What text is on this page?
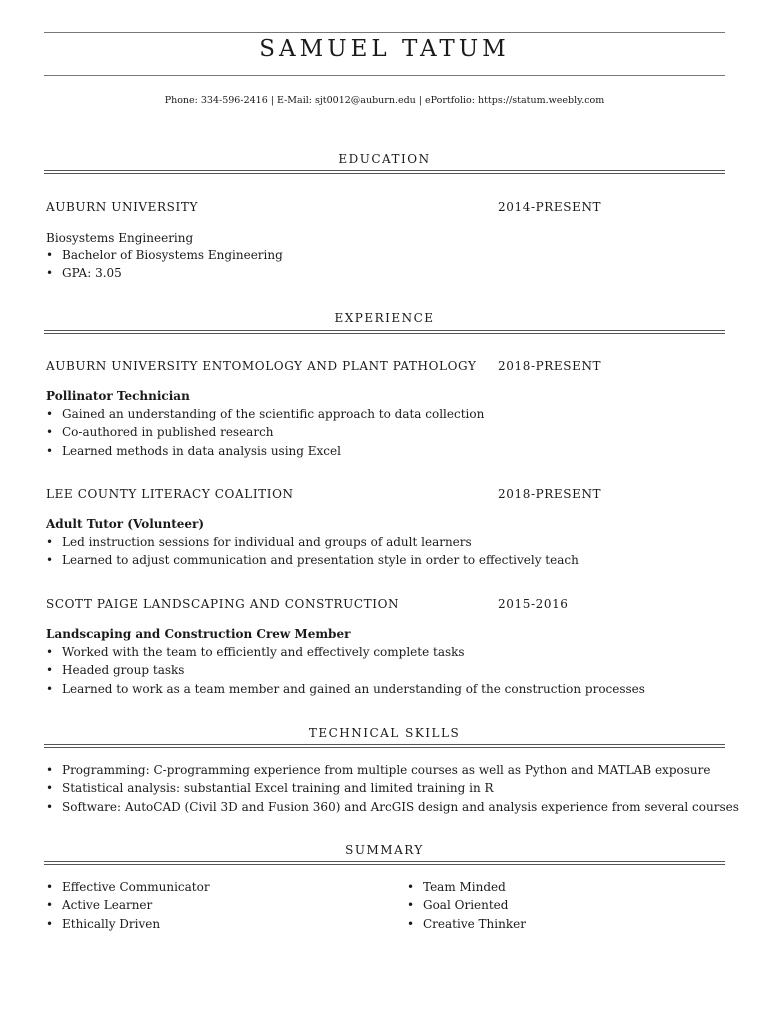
SAMUEL TATUM
Phone: 334-596-2416 | E-Mail: sjt0012@auburn.edu | ePortfolio: https://statum.weebly.com
EDUCATION
AUBURN UNIVERSITY	2014-PRESENT
Biosystems Engineering
• Bachelor of Biosystems Engineering
• GPA: 3.05
EXPERIENCE
AUBURN UNIVERSITY ENTOMOLOGY AND PLANT PATHOLOGY 2018-PRESENT
Pollinator Technician
• Gained an understanding of the scientific approach to data collection
• Co-authored in published research
• Learned methods in data analysis using Excel
LEE COUNTY LITERACY COALITION	2018-PRESENT
Adult Tutor (Volunteer)
• Led instruction sessions for individual and groups of adult learners
• Learned to adjust communication and presentation style in order to effectively teach
SCOTT PAIGE LANDSCAPING AND CONSTRUCTION	2015-2016
Landscaping and Construction Crew Member
• Worked with the team to efficiently and effectively complete tasks
• Headed group tasks
• Learned to work as a team member and gained an understanding of the construction processes
TECHNICAL SKILLS
• Programming: C-programming experience from multiple courses as well as Python and MATLAB exposure
• Statistical analysis: substantial Excel training and limited training in R
• Software: AutoCAD (Civil 3D and Fusion 360) and ArcGIS design and analysis experience from several courses
SUMMARY
• Effective Communicator
• Active Learner
• Ethically Driven
• Team Minded
• Goal Oriented
• Creative Thinker
